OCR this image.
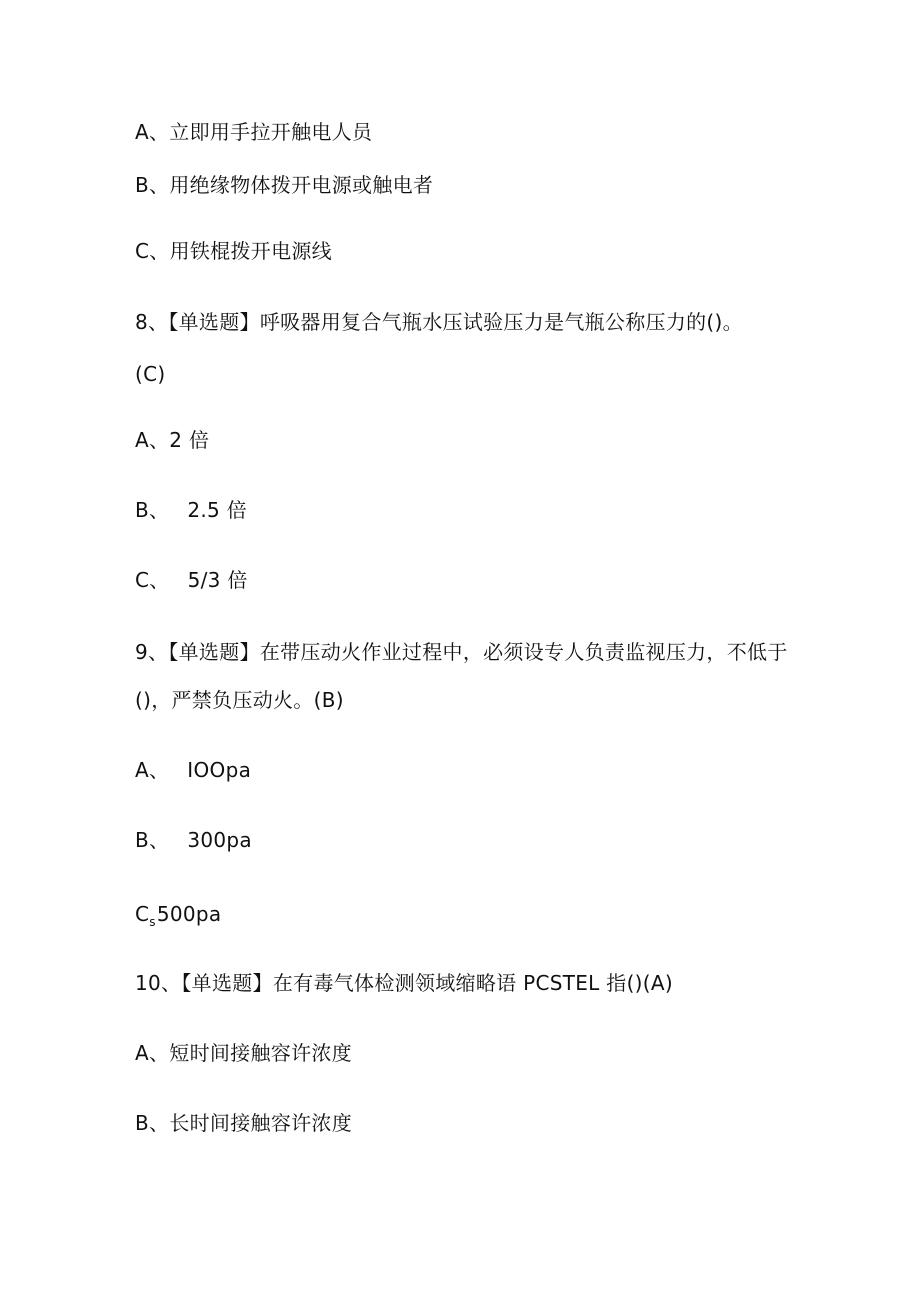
A、立即用手拉开触电人员
B、用绝缘物体拨开电源或触电者
C、用铁棍拨开电源线
8、【单选题】呼吸器用复合气瓶水压试验压力是气瓶公称压力的()。
(C)
A、2 倍
B、 2.5 倍
C、 5/3 倍
9、【单选题】在带压动火作业过程中，必须设专人负责监视压力，不低于
()，严禁负压动火。(B)
A、 IOOpa
B、 300pa
$C_s500pa$
10、【单选题】在有毒气体检测领域缩略语 PCSTEL 指()(A)
A、短时间接触容许浓度
B、长时间接触容许浓度
